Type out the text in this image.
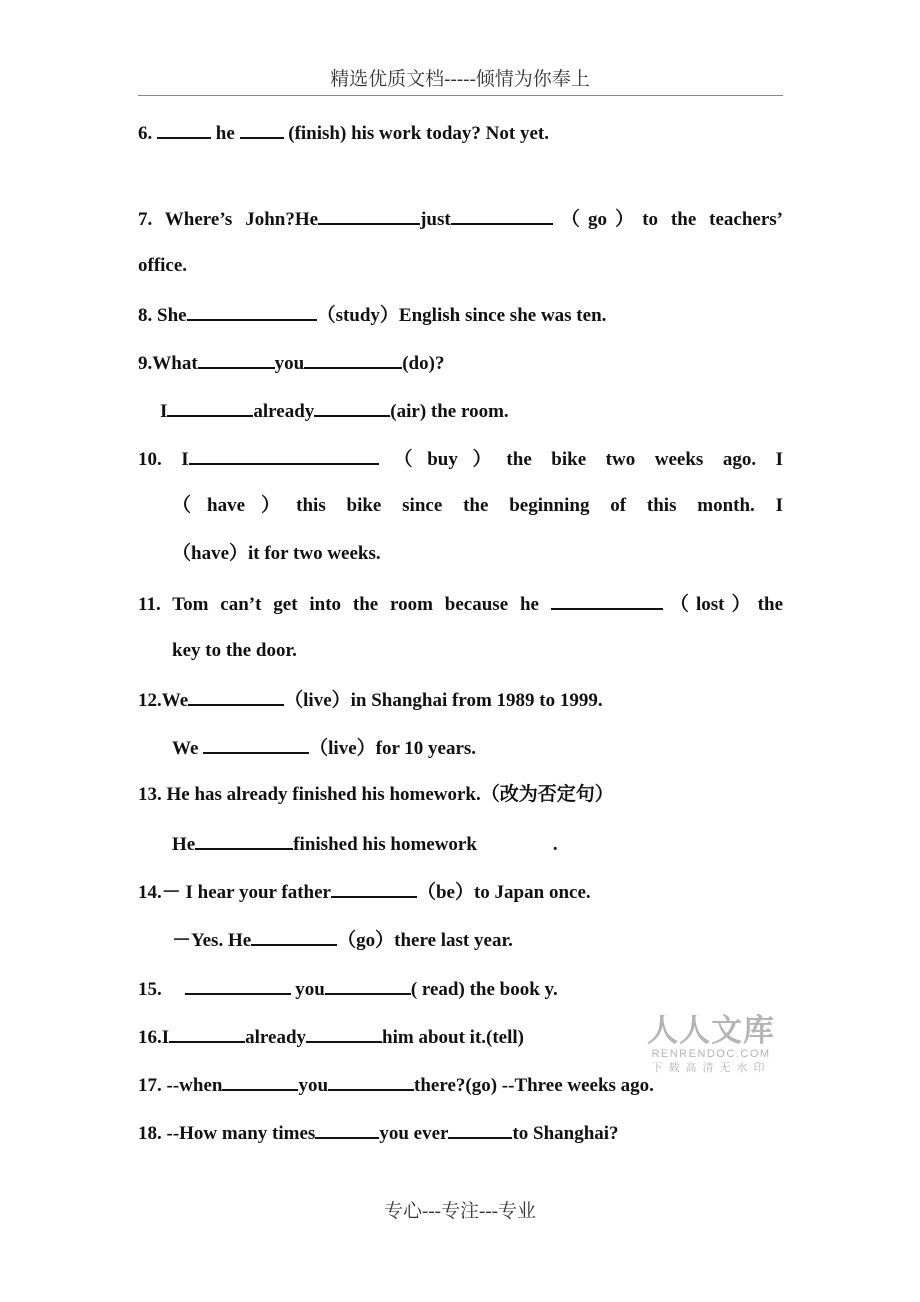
精选优质文档-----倾情为你奉上
6.	he  (finish) his work today? Not yet.
7. Where’s John?He	just	（go）to the teachers’
office.
8. She	（study）English since she was ten.
9.What	you	(do)?
I	already	(air) the room.
10. I	（buy）the bike two weeks ago. I
（have）this bike since the beginning of this month. I
（have）it for two weeks.
11. Tom can’t get into the room because he	（lost）the
key to the door.
12.We	（live）in Shanghai from 1989 to 1999.
We	（live）for 10 years.
13. He has already finished his homework.（改为否定句）
He	finished his homework	.
14.－ I hear your father	（be）to Japan once.
－Yes. He	（go）there last year.
15.	you	( read) the book y.
16.I	already	him about it.(tell)
17. --when	you	there?(go) --Three weeks ago.
18. --How many times	you ever	to Shanghai?
人人文库
RENRENDOC.COM
下载高清无水印
专心---专注---专业
